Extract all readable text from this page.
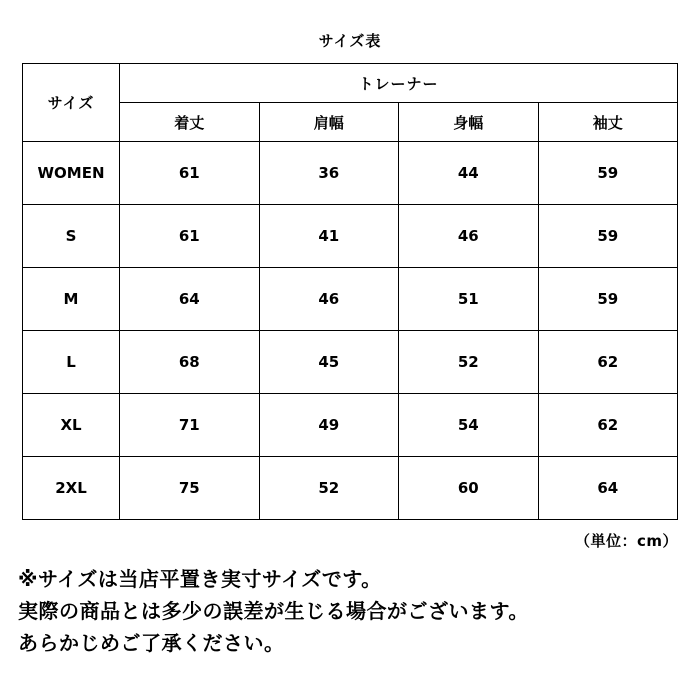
サイズ表
サイズ	トレーナー			
	着丈	肩幅	身幅	袖丈
WOMEN	61	36	44	59
S	61	41	46	59
M	64	46	51	59
L	68	45	52	62
XL	71	49	54	62
2XL	75	52	60	64
（単位：cm）
※サイズは当店平置き実寸サイズです。
実際の商品とは多少の誤差が生じる場合がございます。
あらかじめご了承ください。
